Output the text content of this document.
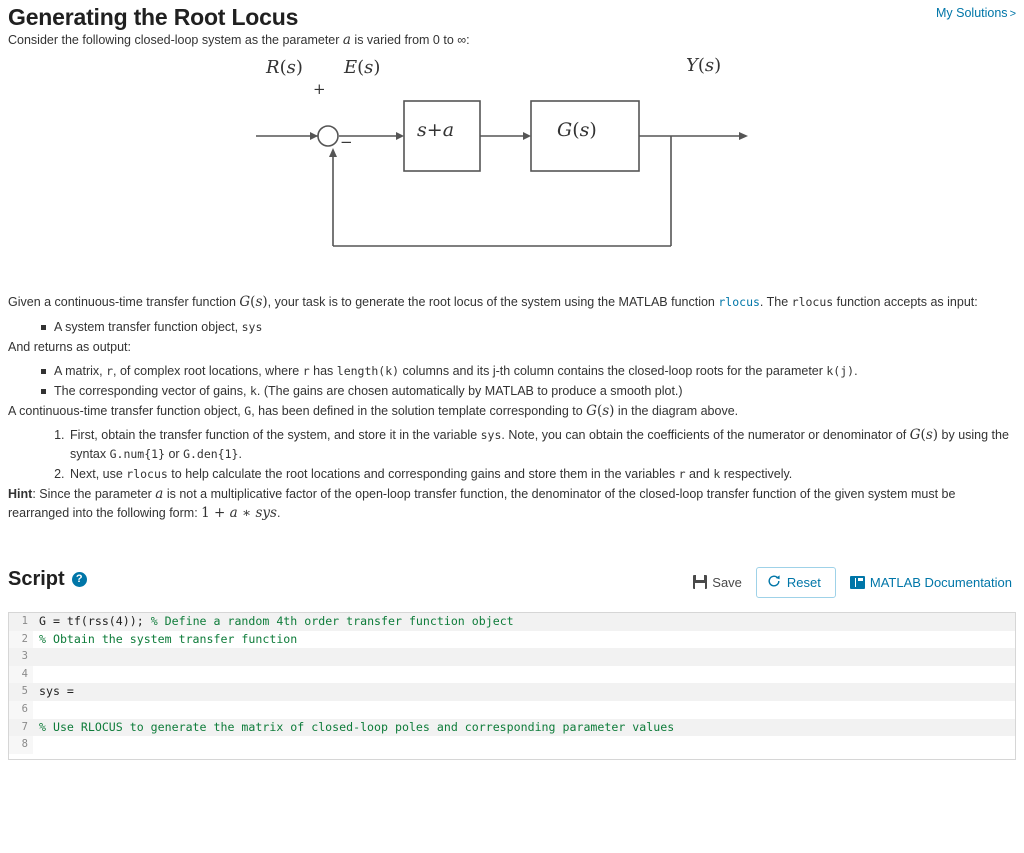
Generating the Root Locus	My Solutions >

Consider the following closed-loop system as the parameter a is varied from 0 to ∞:

R(s) E(s)	Y(s)
+
−
s+a	G(s)

Given a continuous-time transfer function G(s), your task is to generate the root locus of the system using the MATLAB function rlocus. The rlocus function accepts as input:

A system transfer function object, sys

And returns as output:

A matrix, r, of complex root locations, where r has length(k) columns and its j-th column contains the closed-loop roots for the parameter k(j).
The corresponding vector of gains, k. (The gains are chosen automatically by MATLAB to produce a smooth plot.)

A continuous-time transfer function object, G, has been defined in the solution template corresponding to G(s) in the diagram above.

1. First, obtain the transfer function of the system, and store it in the variable sys. Note, you can obtain the coefficients of the numerator or denominator of G(s) by using the syntax G.num{1} or G.den{1}.
2. Next, use rlocus to help calculate the root locations and corresponding gains and store them in the variables r and k respectively.

Hint: Since the parameter a is not a multiplicative factor of the open-loop transfer function, the denominator of the closed-loop transfer function of the given system must be rearranged into the following form: 1 + a ∗ sys.

Script	?	Save	Reset	MATLAB Documentation
1 G = tf(rss(4)); % Define a random 4th order transfer function object
2 % Obtain the system transfer function
3
4
5 sys =
6
7 % Use RLOCUS to generate the matrix of closed-loop poles and corresponding parameter values
8
